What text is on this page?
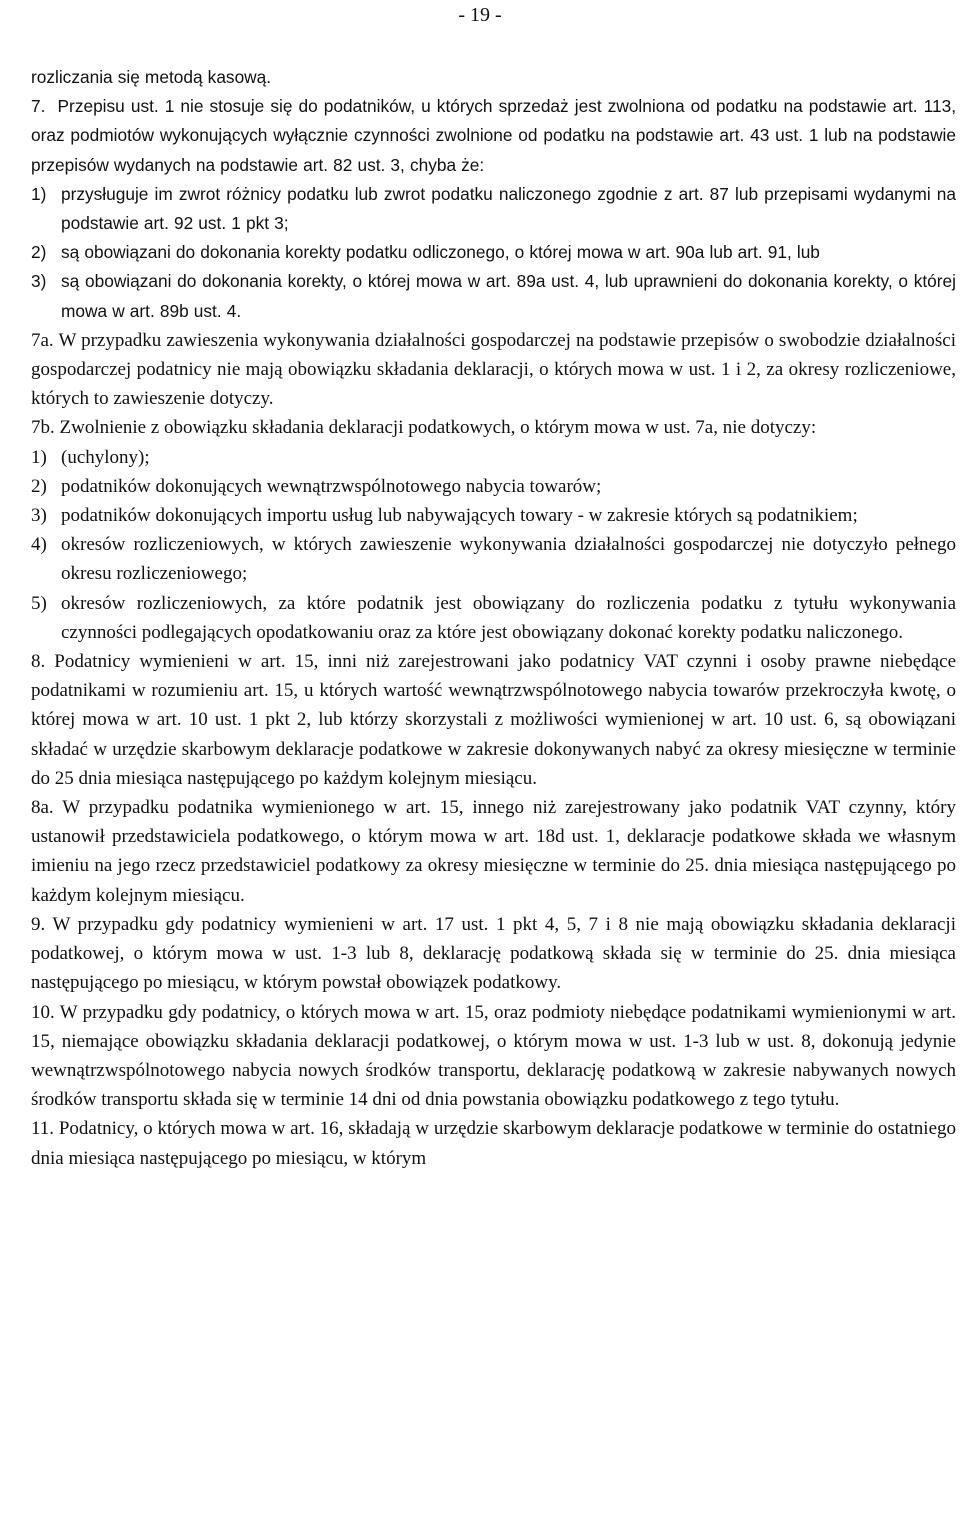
- 19 -

rozliczania się metodą kasową.

7.  Przepisu ust. 1 nie stosuje się do podatników, u których sprzedaż jest zwolniona od podatku na podstawie art. 113, oraz podmiotów wykonujących wyłącznie czynności zwolnione od podatku na podstawie art. 43 ust. 1 lub na podstawie przepisów wydanych na podstawie art. 82 ust. 3, chyba że:

1) przysługuje im zwrot różnicy podatku lub zwrot podatku naliczonego zgodnie z art. 87 lub przepisami wydanymi na podstawie art. 92 ust. 1 pkt 3;
2) są obowiązani do dokonania korekty podatku odliczonego, o której mowa w art. 90a lub art. 91, lub
3) są obowiązani do dokonania korekty, o której mowa w art. 89a ust. 4, lub uprawnieni do dokonania korekty, o której mowa w art. 89b ust. 4.

7a. W przypadku zawieszenia wykonywania działalności gospodarczej na podstawie przepisów o swobodzie działalności gospodarczej podatnicy nie mają obowiązku składania deklaracji, o których mowa w ust. 1 i 2, za okresy rozliczeniowe, których to zawieszenie dotyczy.

7b. Zwolnienie z obowiązku składania deklaracji podatkowych, o którym mowa w ust. 7a, nie dotyczy:

1) (uchylony);
2) podatników dokonujących wewnątrzwspólnotowego nabycia towarów;
3) podatników dokonujących importu usług lub nabywających towary - w zakresie których są podatnikiem;
4) okresów rozliczeniowych, w których zawieszenie wykonywania działalności gospodarczej nie dotyczyło pełnego okresu rozliczeniowego;
5) okresów rozliczeniowych, za które podatnik jest obowiązany do rozliczenia podatku z tytułu wykonywania czynności podlegających opodatkowaniu oraz za które jest obowiązany dokonać korekty podatku naliczonego.

8. Podatnicy wymienieni w art. 15, inni niż zarejestrowani jako podatnicy VAT czynni i osoby prawne niebędące podatnikami w rozumieniu art. 15, u których wartość wewnątrzwspólnotowego nabycia towarów przekroczyła kwotę, o której mowa w art. 10 ust. 1 pkt 2, lub którzy skorzystali z możliwości wymienionej w art. 10 ust. 6, są obowiązani składać w urzędzie skarbowym deklaracje podatkowe w zakresie dokonywanych nabyć za okresy miesięczne w terminie do 25 dnia miesiąca następującego po każdym kolejnym miesiącu.

8a. W przypadku podatnika wymienionego w art. 15, innego niż zarejestrowany jako podatnik VAT czynny, który ustanowił przedstawiciela podatkowego, o którym mowa w art. 18d ust. 1, deklaracje podatkowe składa we własnym imieniu na jego rzecz przedstawiciel podatkowy za okresy miesięczne w terminie do 25. dnia miesiąca następującego po każdym kolejnym miesiącu.

9. W przypadku gdy podatnicy wymienieni w art. 17 ust. 1 pkt 4, 5, 7 i 8 nie mają obowiązku składania deklaracji podatkowej, o którym mowa w ust. 1-3 lub 8, deklarację podatkową składa się w terminie do 25. dnia miesiąca następującego po miesiącu, w którym powstał obowiązek podatkowy.

10. W przypadku gdy podatnicy, o których mowa w art. 15, oraz podmioty niebędące podatnikami wymienionymi w art. 15, niemające obowiązku składania deklaracji podatkowej, o którym mowa w ust. 1-3 lub w ust. 8, dokonują jedynie wewnątrzwspólnotowego nabycia nowych środków transportu, deklarację podatkową w zakresie nabywanych nowych środków transportu składa się w terminie 14 dni od dnia powstania obowiązku podatkowego z tego tytułu.

11. Podatnicy, o których mowa w art. 16, składają w urzędzie skarbowym deklaracje podatkowe w terminie do ostatniego dnia miesiąca następującego po miesiącu, w którym
